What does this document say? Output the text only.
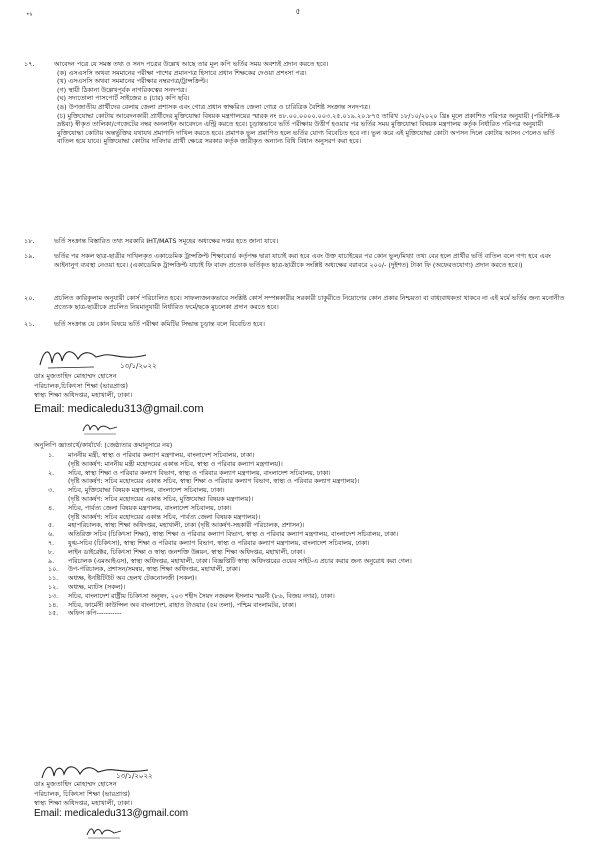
•৳	৫
১৭.	আবেদন পত্রে যে সমস্ত তথ্য ও সনদ পত্রের উল্লেখ আছে তার মূল কপি ভর্তির সময় অবশ্যই প্রদান করতে হবে।
(ক) এসএসসি অথবা সমমানের পরীক্ষা পাশের প্রমানপত্র হিসাবে প্রধান শিক্ষকের দেওয়া প্রশংসা পত্র।
(খ) এসএসসি অথবা সমমানের পরীক্ষার নম্বরপত্র/ট্রান্সক্রিপ্ট।
(গ) স্থায়ী ঠিকানা উল্লেখপূর্বক নাগরিকত্বের সনদপত্র।
(ঘ) সদ্যতোলা পাসপোর্ট সাইজের ৪ (চার) কপি ছবি।
(ঙ) উপজাতীয় প্রার্থীদের বেলায় জেলা প্রশাসক এবং গোত্র প্রধান স্বাক্ষরিত জেলা গোত্র ও চারিত্রিক বৈশিষ্ট সংক্রান্ত সনদপত্র।
(চ) মুক্তিযোদ্ধা কোটায় আবেদনকারী প্রার্থীদের মুক্তিযোদ্ধা বিষয়ক মন্ত্রণালয়ের স্মারক নং ৪৮.০০.০০০০.০০৩.২৫.০১৯.২০.৮৭৫ তারিখ ১৮/১০/২০২০ খ্রিঃ মূলে প্রকাশিত পরিপত্র অনুযায়ী (পরিশিষ্ট-ক দ্রষ্টব্য) স্বীকৃত তালিকা/গেজেটের নম্বর অনলাইন আবেদনে এন্ট্রি করতে হবে। চূড়ান্তভাবে ভর্তি পরীক্ষায় উত্তীর্ণ হওয়ার পর ভর্তির সময় মুক্তিযোদ্ধা বিষয়ক মন্ত্রণালয় কর্তৃক নির্ধারিত পরিপত্র অনুযায়ী মুক্তিযোদ্ধা কোটায় অন্তর্ভুক্তির যথাযথ প্রমাণাদি দাখিল করতে হবে। প্রমাণক ভুল প্রমাণিত হলে ভর্তির যোগ্য বিবেচিত হবে না। ভুল করে এই মুক্তিযোদ্ধা কোটা অপসন দিলে কোটায় আসন পেলেও ভর্তি বাতিল হয়ে যাবে। মুক্তিযোদ্ধা কোটার দাবিদার প্রার্থী ক্ষেত্রে সরকার কর্তৃক জারীকৃত অন্যান্য বিধি বিধান অনুসরণ করা হবে।
১৮.	ভর্তি সংক্রান্ত বিস্তারিত তথ্য সরকারি IHT/MATS সমূহের অধ্যক্ষের দপ্তর হতে জানা যাবে।
১৯.	ভর্তির পর সকল ছাত্র-ছাত্রীর দাখিলকৃত একাডেমিক ট্রান্সক্রিপ্ট শিক্ষাবোর্ড কর্তৃপক্ষ দ্বারা যাচাই করা হবে এবং উক্ত যাচাইয়ের পর কোন ভুল/মিথ্যা তথ্য বের হলে প্রার্থীর ভর্তি বাতিল বলে গণ্য হবে এবং আইনানুগ ব্যবস্থা নেওয়া হবে। (একাডেমিক ট্রান্সক্রিপ্ট যাচাই ফি বাবদ প্রত্যেক ভর্তিকৃত ছাত্র-ছাত্রীকে সংশ্লিষ্ট অধ্যক্ষের বরাবরে ২০০/- (দুইশত) টাকা ফি (অফেরতযোগ্য) প্রদান করতে হবে।)
২০.	প্রচলিত কারিকুলাম অনুযায়ী কোর্স পরিচালিত হবে। সাফল্যজনকভাবে সংশ্লিষ্ট কোর্স সম্পন্নকারীর সরকারী চাকুরীতে নিয়োগের কোন প্রকার নিশ্চয়তা বা বাধ্যবাধকতা থাকবে না এই মর্মে ভর্তির জন্য মনোনীত প্রত্যেক ছাত্র-ছাত্রীকে প্রচলিত নিয়মানুযায়ী নির্ধারিত ফর্মে/ছকে মুচলেকা প্রদান করতে হবে।
২১.	ভর্তি সংক্রান্ত যে কোন বিষয়ে ভর্তি পরীক্ষা কমিটির সিদ্ধান্ত চূড়ান্ত বলে বিবেচিত হবে।
১৩/১/২০২২
ডাঃ মুজতাহিদ মোহাম্মদ হোসেন
পরিচালক,চিকিৎসা শিক্ষা (ভারপ্রাপ্ত)
স্বাস্থ্য শিক্ষা অধিদপ্তর, মহাখালী, ঢাকা।
Email: medicaledu313@gmail.com
অনুলিপি জ্ঞাতার্থে/কার্যার্থে: (জেষ্ঠ্যতার ক্রমানুসারে নয়)
১.	মাননীয় মন্ত্রী, স্বাস্থ্য ও পরিবার কল্যাণ মন্ত্রণালয়, বাংলাদেশ সচিবালয়, ঢাকা।
(দৃষ্টি আকর্ষণ: মাননীয় মন্ত্রী মহোদয়ের একান্ত সচিব, স্বাস্থ্য ও পরিবার কল্যাণ মন্ত্রণালয়)।
২.	সচিব, স্বাস্থ্য শিক্ষা ও পরিবার কল্যাণ বিভাগ, স্বাস্থ্য ও পরিবার কল্যাণ মন্ত্রণালয়, বাংলাদেশ সচিবালয়, ঢাকা।
(দৃষ্টি আকর্ষণ: সচিব মহোদয়ের একান্ত সচিব, স্বাস্থ্য শিক্ষা ও পরিবার কল্যাণ বিভাগ, স্বাস্থ্য ও পরিবার কল্যাণ মন্ত্রণালয়)।
৩.	সচিব, মুক্তিযোদ্ধা বিষয়ক মন্ত্রণালয়, বাংলাদেশ সচিবালয়, ঢাকা।
(দৃষ্টি আকর্ষণ: সচিব মহোদয়ের একান্ত সচিব, মুক্তিযোদ্ধা বিষয়ক মন্ত্রণালয়)।
৪.	সচিব, পার্বত্য জেলা বিষয়ক মন্ত্রণালয়, বাংলাদেশ সচিবালয়, ঢাকা।
(দৃষ্টি আকর্ষণ: সচিব মহোদয়ের একান্ত সচিব, পার্বত্য জেলা বিষয়ক মন্ত্রণালয়)।
৫.	মহাপরিচালক, স্বাস্থ্য শিক্ষা অধিদপ্তর, মহাখালী, ঢাকা (দৃষ্টি আকর্ষণ-সহকারী পরিচালক, প্রশাসন)।
৬.	অতিরিক্ত সচিব (চিকিৎসা শিক্ষা), স্বাস্থ্য শিক্ষা ও পরিবার কল্যাণ বিভাগ, স্বাস্থ্য ও পরিবার কল্যাণ মন্ত্রণালয়, বাংলাদেশ সচিবালয়, ঢাকা।
৭.	যুগ্ম-সচিব (চিকিৎসা), স্বাস্থ্য শিক্ষা ও পরিবার কল্যাণ বিভাগ, স্বাস্থ্য ও পরিবার কল্যাণ মন্ত্রণালয়, বাংলাদেশ সচিবালয়, ঢাকা।
৮.	লাইন ডাইরেক্টর, চিকিৎসা শিক্ষা ও স্বাস্থ্য জনশক্তি উন্নয়ন, স্বাস্থ্য শিক্ষা অধিদপ্তর, মহাখালী, ঢাকা।
৯.	পরিচালক (এমআইএস), স্বাস্থ্য অধিদপ্তর, মহাখালী, ঢাকা। বিজ্ঞপ্তিটি স্বাস্থ্য অধিদপ্তরের ওয়েব সাইট-এ প্রচার করার জন্য অনুরোধ করা গেল।
১০.	উপ-পরিচালক, প্রশাসন/সমন্বয়, স্বাস্থ্য শিক্ষা অধিদপ্তর, মহাখালী, ঢাকা।
১১.	অধ্যক্ষ, ইনষ্টিটিউট অব হেলথ টেকনোলজী (সকল)।
১২.	অধ্যক্ষ, ম্যাটস (সকল)।
১৩.	সচিব, বাংলাদেশ রাষ্ট্রীয় চিকিৎসা অনুষদ, ২০৩ শহীদ সৈয়দ নজরুল ইসলাম স্মরনী (৮৬, বিজয় নগর), ঢাকা।
১৪.	সচিব, ফার্মেসী কাউন্সিল অব বাংলাদেশ, রাহাত টাওয়ার (৫ম তলা), পশ্চিম বাংলামটর, ঢাকা।
১৫.	অফিস কপি-----------
১৩/১/২০২২
ডাঃ মুজতাহিদ মোহাম্মদ হোসেন
পরিচালক, চিকিৎসা শিক্ষা (ভারপ্রাপ্ত)
স্বাস্থ্য শিক্ষা অধিদপ্তর, মহাখালী, ঢাকা।
Email: medicaledu313@gmail.com
